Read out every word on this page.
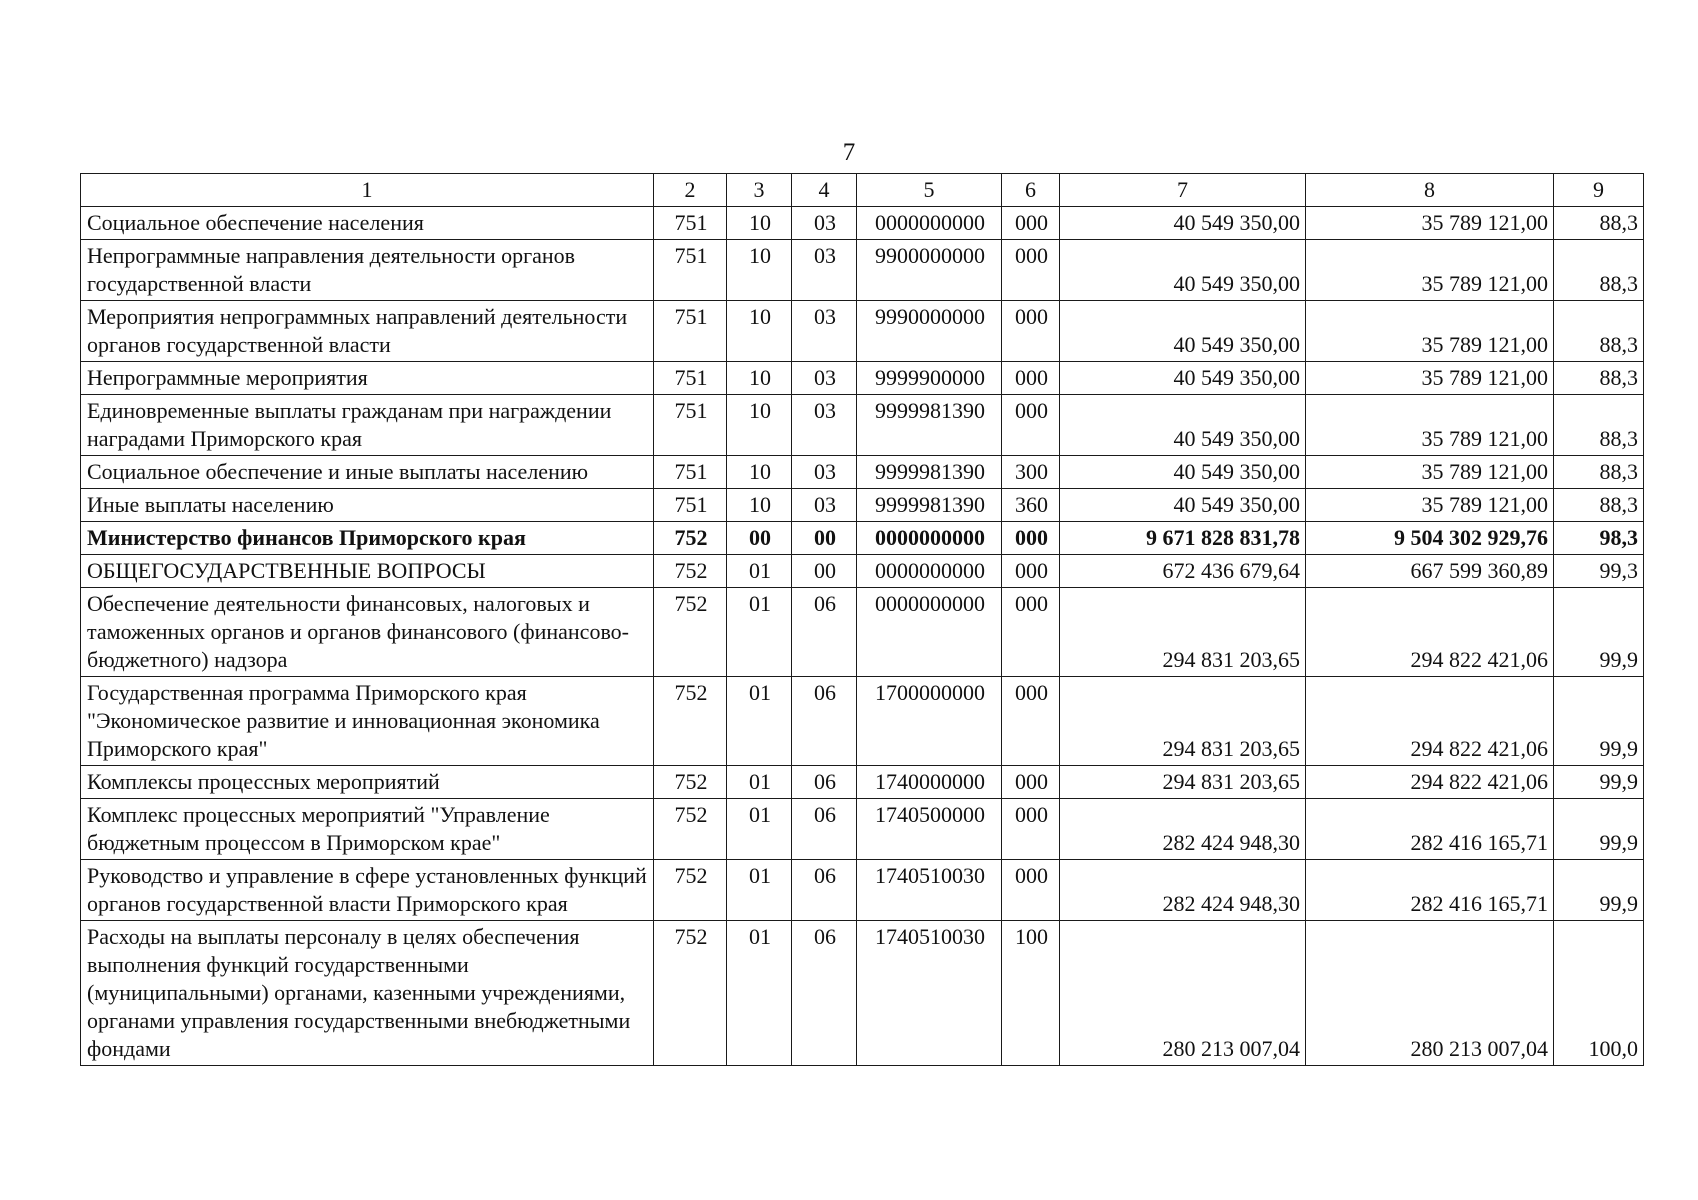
7
1	2	3	4	5	6	7	8	9
Социальное обеспечение населения	751	10	03	0000000000	000	40 549 350,00	35 789 121,00	88,3
Непрограммные направления деятельности органов государственной власти	751	10	03	9900000000	000	40 549 350,00	35 789 121,00	88,3
Мероприятия непрограммных направлений деятельности органов государственной власти	751	10	03	9990000000	000	40 549 350,00	35 789 121,00	88,3
Непрограммные мероприятия	751	10	03	9999900000	000	40 549 350,00	35 789 121,00	88,3
Единовременные выплаты гражданам при награждении наградами Приморского края	751	10	03	9999981390	000	40 549 350,00	35 789 121,00	88,3
Социальное обеспечение и иные выплаты населению	751	10	03	9999981390	300	40 549 350,00	35 789 121,00	88,3
Иные выплаты населению	751	10	03	9999981390	360	40 549 350,00	35 789 121,00	88,3
Министерство финансов Приморского края	752	00	00	0000000000	000	9 671 828 831,78	9 504 302 929,76	98,3
ОБЩЕГОСУДАРСТВЕННЫЕ ВОПРОСЫ	752	01	00	0000000000	000	672 436 679,64	667 599 360,89	99,3
Обеспечение деятельности финансовых, налоговых и таможенных органов и органов финансового (финансово-бюджетного) надзора	752	01	06	0000000000	000	294 831 203,65	294 822 421,06	99,9
Государственная программа Приморского края "Экономическое развитие и инновационная экономика Приморского края"	752	01	06	1700000000	000	294 831 203,65	294 822 421,06	99,9
Комплексы процессных мероприятий	752	01	06	1740000000	000	294 831 203,65	294 822 421,06	99,9
Комплекс процессных мероприятий "Управление бюджетным процессом в Приморском крае"	752	01	06	1740500000	000	282 424 948,30	282 416 165,71	99,9
Руководство и управление в сфере установленных функций органов государственной власти Приморского края	752	01	06	1740510030	000	282 424 948,30	282 416 165,71	99,9
Расходы на выплаты персоналу в целях обеспечения выполнения функций государственными (муниципальными) органами, казенными учреждениями, органами управления государственными внебюджетными фондами	752	01	06	1740510030	100	280 213 007,04	280 213 007,04	100,0
